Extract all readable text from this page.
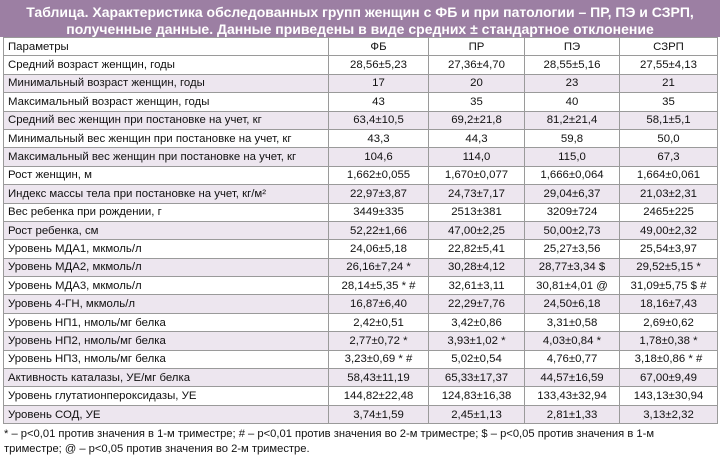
Таблица. Характеристика обследованных групп женщин с ФБ и при патологии – ПР, ПЭ и СЗРП,
полученные данные. Данные приведены в виде средних ± стандартное отклонение
Параметры	ФБ	ПР	ПЭ	СЗРП
Средний возраст женщин, годы	28,56±5,23	27,36±4,70	28,55±5,16	27,55±4,13
Минимальный возраст женщин, годы	17	20	23	21
Максимальный возраст женщин, годы	43	35	40	35
Средний вес женщин при постановке на учет, кг	63,4±10,5	69,2±21,8	81,2±21,4	58,1±5,1
Минимальный вес женщин при постановке на учет, кг	43,3	44,3	59,8	50,0
Максимальный вес женщин при постановке на учет, кг	104,6	114,0	115,0	67,3
Рост женщин, м	1,662±0,055	1,670±0,077	1,666±0,064	1,664±0,061
Индекс массы тела при постановке на учет, кг/м²	22,97±3,87	24,73±7,17	29,04±6,37	21,03±2,31
Вес ребенка при рождении, г	3449±335	2513±381	3209±724	2465±225
Рост ребенка, см	52,22±1,66	47,00±2,25	50,00±2,73	49,00±2,32
Уровень МДА1, мкмоль/л	24,06±5,18	22,82±5,41	25,27±3,56	25,54±3,97
Уровень МДА2, мкмоль/л	26,16±7,24 *	30,28±4,12	28,77±3,34 $	29,52±5,15 *
Уровень МДА3, мкмоль/л	28,14±5,35 * #	32,61±3,11	30,81±4,01 @	31,09±5,75 $ #
Уровень 4-ГН, мкмоль/л	16,87±6,40	22,29±7,76	24,50±6,18	18,16±7,43
Уровень НП1, нмоль/мг белка	2,42±0,51	3,42±0,86	3,31±0,58	2,69±0,62
Уровень НП2, нмоль/мг белка	2,77±0,72 *	3,93±1,02 *	4,03±0,84 *	1,78±0,38 *
Уровень НП3, нмоль/мг белка	3,23±0,69 * #	5,02±0,54	4,76±0,77	3,18±0,86 * #
Активность каталазы, УЕ/мг белка	58,43±11,19	65,33±17,37	44,57±16,59	67,00±9,49
Уровень глутатионпероксидазы, УЕ	144,82±22,48	124,83±16,38	133,43±32,94	143,13±30,94
Уровень СОД, УЕ	3,74±1,59	2,45±1,13	2,81±1,33	3,13±2,32
* – p<0,01 против значения в 1-м триместре; # – p<0,01 против значения во 2-м триместре; $ – p<0,05 против значения в 1-м
триместре; @ – p<0,05 против значения во 2-м триместре.
